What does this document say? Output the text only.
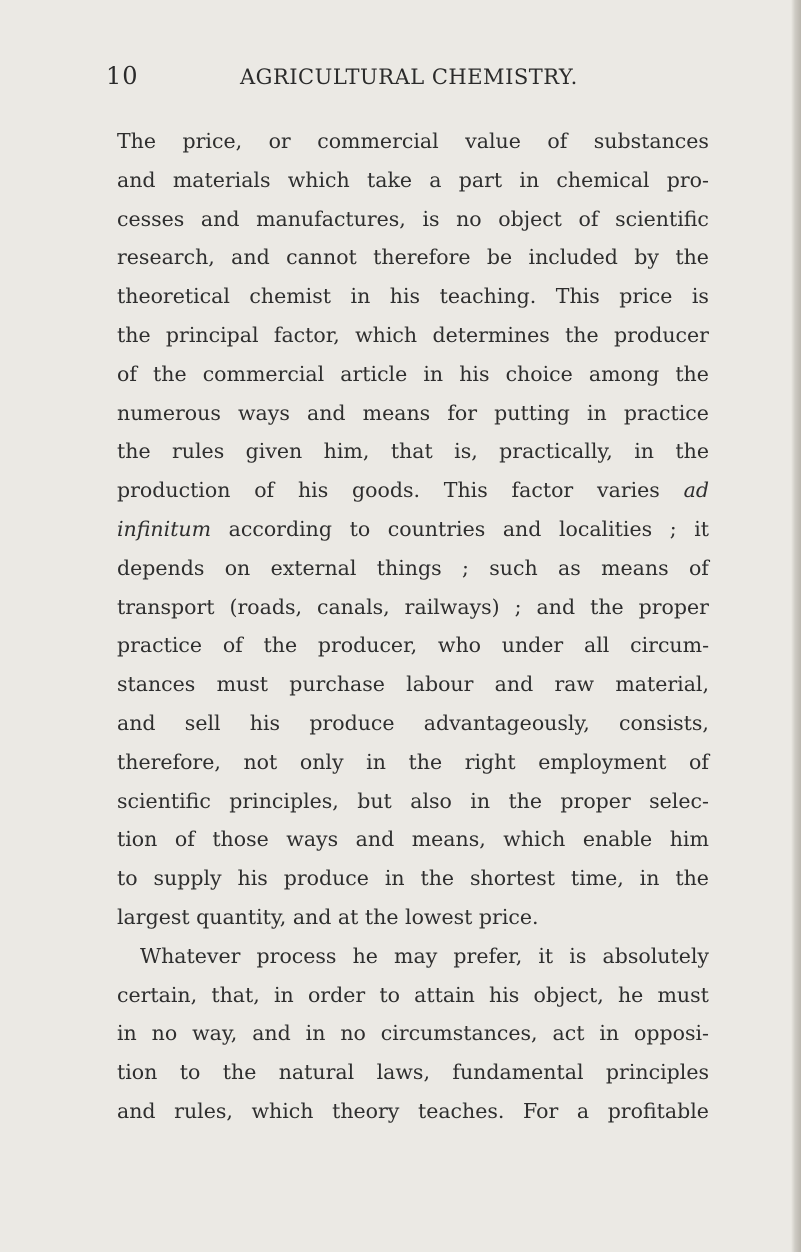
10	AGRICULTURAL CHEMISTRY.
The price, or commercial value of substances
and materials which take a part in chemical pro-
cesses and manufactures, is no object of scientific
research, and cannot therefore be included by the
theoretical chemist in his teaching. This price is
the principal factor, which determines the producer
of the commercial article in his choice among the
numerous ways and means for putting in practice
the rules given him, that is, practically, in the
production of his goods. This factor varies ad
infinitum according to countries and localities ; it
depends on external things ; such as means of
transport (roads, canals, railways) ; and the proper
practice of the producer, who under all circum-
stances must purchase labour and raw material,
and sell his produce advantageously, consists,
therefore, not only in the right employment of
scientific principles, but also in the proper selec-
tion of those ways and means, which enable him
to supply his produce in the shortest time, in the
largest
quantity,
and
at
the
lowest
price.
Whatever process he may prefer, it is absolutely
certain, that, in order to attain his object, he must
in no way, and in no circumstances, act in opposi-
tion to the natural laws, fundamental principles
and rules, which theory teaches. For a profitable
